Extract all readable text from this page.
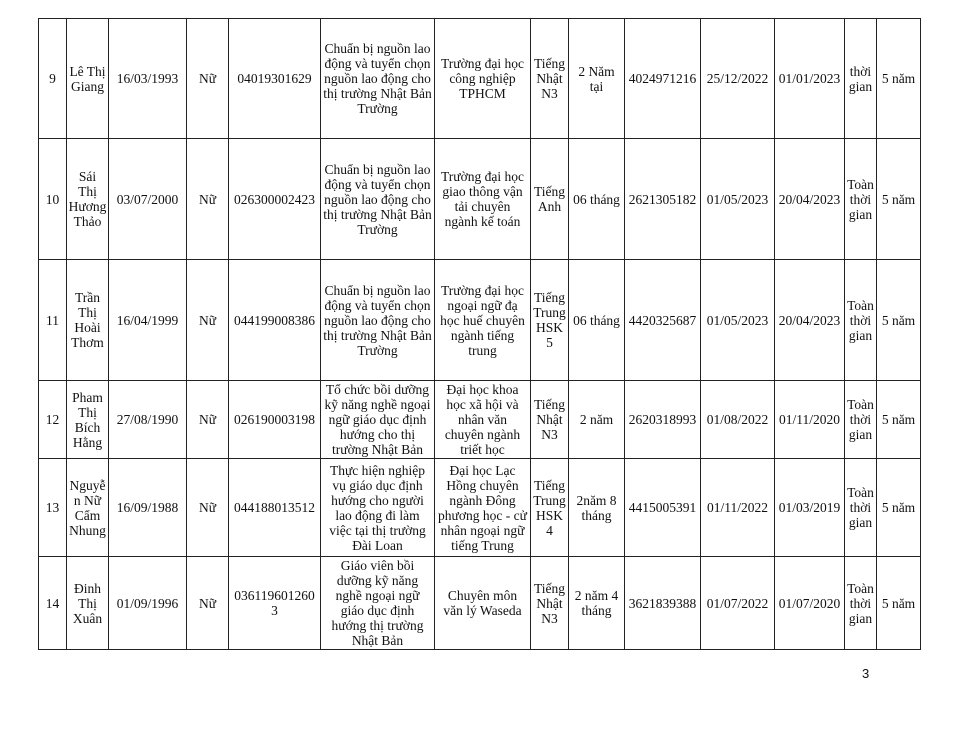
9	Lê Thị Giang	16/03/1993	Nữ	04019301629	Chuẩn bị nguồn lao động và tuyển chọn nguồn lao động cho thị trường Nhật Bản Trường	Trường đại học công nghiệp TPHCM	Tiếng Nhật N3	2 Năm tại	4024971216	25/12/2022	01/01/2023	thời gian	5 năm
10	Sái Thị Hương Thảo	03/07/2000	Nữ	026300002423	Chuẩn bị nguồn lao động và tuyển chọn nguồn lao động cho thị trường Nhật Bản Trường	Trường đại học giao thông vận tải chuyên ngành kế toán	Tiếng Anh	06 tháng	2621305182	01/05/2023	20/04/2023	Toàn thời gian	5 năm
11	Trần Thị Hoài Thơm	16/04/1999	Nữ	044199008386	Chuẩn bị nguồn lao động và tuyển chọn nguồn lao động cho thị trường Nhật Bản Trường	Trường đại học ngoại ngữ đạ học huế chuyên ngành tiếng trung	Tiếng Trung HSK5	06 tháng	4420325687	01/05/2023	20/04/2023	Toàn thời gian	5 năm
12	Pham Thị Bích Hằng	27/08/1990	Nữ	026190003198	Tổ chức bồi dưỡng kỹ năng nghề ngoại ngữ giáo dục định hướng cho thị trường Nhật Bản	Đại học khoa học xã hội và nhân văn chuyên ngành triết học	Tiếng Nhật N3	2 năm	2620318993	01/08/2022	01/11/2020	Toàn thời gian	5 năm
13	Nguyễn Nữ Cẩm Nhung	16/09/1988	Nữ	044188013512	Thực hiện nghiệp vụ giáo dục định hướng cho người lao động đi làm việc tại thị trường Đài Loan	Đại học Lạc Hồng chuyên ngành Đông phương học - cử nhân ngoại ngữ tiếng Trung	Tiếng Trung HSK4	2năm 8 tháng	4415005391	01/11/2022	01/03/2019	Toàn thời gian	5 năm
14	Đinh Thị Xuân	01/09/1996	Nữ	0361196012603	Giáo viên bồi dưỡng kỹ năng nghề ngoại ngữ giáo dục định hướng thị trường Nhật Bản	Chuyên môn văn lý Waseda	Tiếng Nhật N3	2 năm 4 tháng	3621839388	01/07/2022	01/07/2020	Toàn thời gian	5 năm
3
